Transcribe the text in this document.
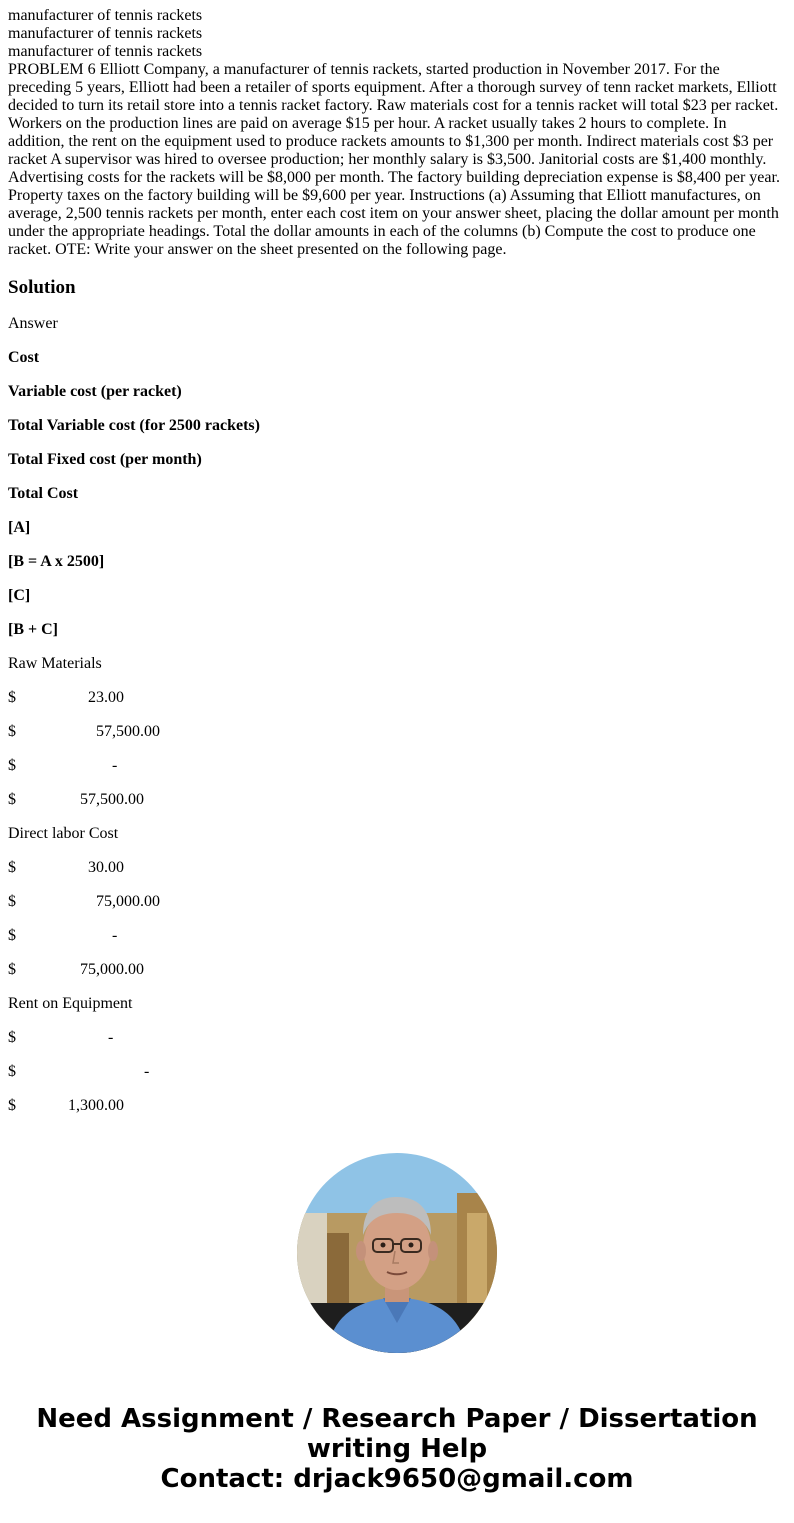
manufacturer of tennis rackets
manufacturer of tennis rackets
manufacturer of tennis rackets
PROBLEM 6 Elliott Company, a manufacturer of tennis rackets, started production in November 2017. For the preceding 5 years, Elliott had been a retailer of sports equipment. After a thorough survey of tenn racket markets, Elliott decided to turn its retail store into a tennis racket factory. Raw materials cost for a tennis racket will total $23 per racket. Workers on the production lines are paid on average $15 per hour. A racket usually takes 2 hours to complete. In addition, the rent on the equipment used to produce rackets amounts to $1,300 per month. Indirect materials cost $3 per racket A supervisor was hired to oversee production; her monthly salary is $3,500. Janitorial costs are $1,400 monthly. Advertising costs for the rackets will be $8,000 per month. The factory building depreciation expense is $8,400 per year. Property taxes on the factory building will be $9,600 per year. Instructions (a) Assuming that Elliott manufactures, on average, 2,500 tennis rackets per month, enter each cost item on your answer sheet, placing the dollar amount per month under the appropriate headings. Total the dollar amounts in each of the columns (b) Compute the cost to produce one racket. OTE: Write your answer on the sheet presented on the following page.
Solution

Answer

Cost

Variable cost (per racket)

Total Variable cost (for 2500 rackets)

Total Fixed cost (per month)

Total Cost

[A]

[B = A x 2500]

[C]

[B + C]

Raw Materials

$                  23.00

$                    57,500.00

$                        -

$                57,500.00

Direct labor Cost

$                  30.00

$                    75,000.00

$                        -

$                75,000.00

Rent on Equipment

$                       -

$                                -

$             1,300.00

Need Assignment / Research Paper / Dissertation
writing Help
Contact: drjack9650@gmail.com
